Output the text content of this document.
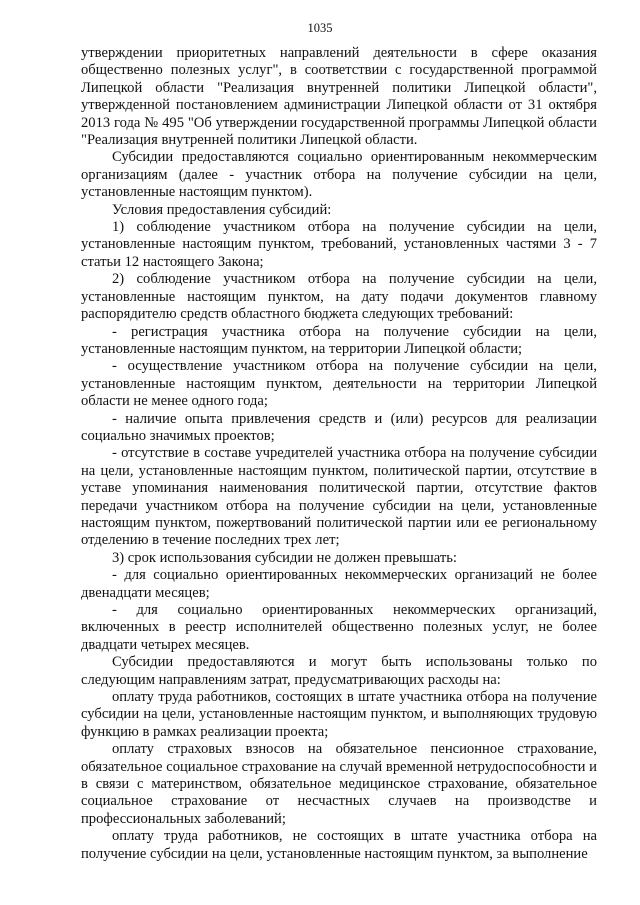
1035

утверждении приоритетных направлений деятельности в сфере оказания общественно полезных услуг", в соответствии с государственной программой Липецкой области "Реализация внутренней политики Липецкой области", утвержденной постановлением администрации Липецкой области от 31 октября 2013 года № 495 "Об утверждении государственной программы Липецкой области "Реализация внутренней политики Липецкой области.

Субсидии предоставляются социально ориентированным некоммерческим организациям (далее - участник отбора на получение субсидии на цели, установленные настоящим пунктом).

Условия предоставления субсидий:

1) соблюдение участником отбора на получение субсидии на цели, установленные настоящим пунктом, требований, установленных частями 3 - 7 статьи 12 настоящего Закона;

2) соблюдение участником отбора на получение субсидии на цели, установленные настоящим пунктом, на дату подачи документов главному распорядителю средств областного бюджета следующих требований:

- регистрация участника отбора на получение субсидии на цели, установленные настоящим пунктом, на территории Липецкой области;

- осуществление участником отбора на получение субсидии на цели, установленные настоящим пунктом, деятельности на территории Липецкой области не менее одного года;

- наличие опыта привлечения средств и (или) ресурсов для реализации социально значимых проектов;

- отсутствие в составе учредителей участника отбора на получение субсидии на цели, установленные настоящим пунктом, политической партии, отсутствие в уставе упоминания наименования политической партии, отсутствие фактов передачи участником отбора на получение субсидии на цели, установленные настоящим пунктом, пожертвований политической партии или ее региональному отделению в течение последних трех лет;

3) срок использования субсидии не должен превышать:

- для социально ориентированных некоммерческих организаций не более двенадцати месяцев;

- для социально ориентированных некоммерческих организаций, включенных в реестр исполнителей общественно полезных услуг, не более двадцати четырех месяцев.

Субсидии предоставляются и могут быть использованы только по следующим направлениям затрат, предусматривающих расходы на:

оплату труда работников, состоящих в штате участника отбора на получение субсидии на цели, установленные настоящим пунктом, и выполняющих трудовую функцию в рамках реализации проекта;

оплату страховых взносов на обязательное пенсионное страхование, обязательное социальное страхование на случай временной нетрудоспособности и в связи с материнством, обязательное медицинское страхование, обязательное социальное страхование от несчастных случаев на производстве и профессиональных заболеваний;

оплату труда работников, не состоящих в штате участника отбора на получение субсидии на цели, установленные настоящим пунктом, за выполнение
